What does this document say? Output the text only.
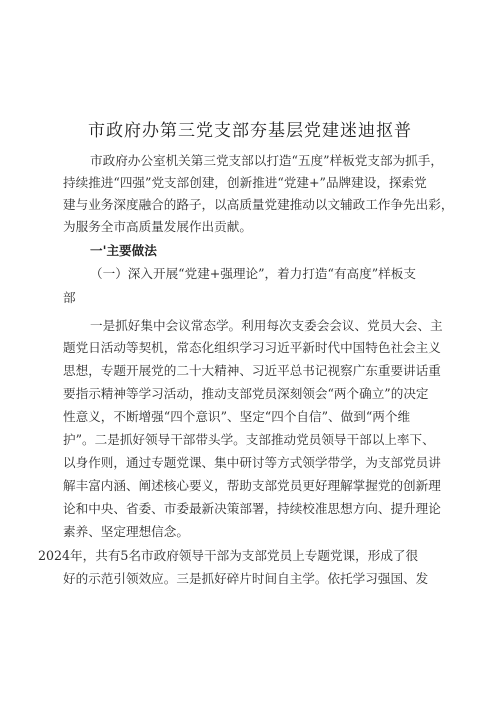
市政府办第三党支部夯基层党建迷迪抠普
市政府办公室机关第三党支部以打造“五度”样板党支部为抓手，
持续推进“四强”党支部创建，创新推进“党建+”品牌建设，探索党
建与业务深度融合的路子，以高质量党建推动以文辅政工作争先出彩，
为服务全市高质量发展作出贡献。
一'主要做法
（一）深入开展“党建+强理论”，着力打造“有高度”样板支
部
一是抓好集中会议常态学。利用每次支委会会议、党员大会、主
题党日活动等契机，常态化组织学习习近平新时代中国特色社会主义
思想，专题开展党的二十大精神、习近平总书记视察广东重要讲话重
要指示精神等学习活动，推动支部党员深刻领会“两个确立”的决定
性意义，不断增强“四个意识”、坚定“四个自信”、做到“两个维
护”。二是抓好领导干部带头学。支部推动党员领导干部以上率下、
以身作则，通过专题党课、集中研讨等方式领学带学，为支部党员讲
解丰富内涵、阐述核心要义，帮助支部党员更好理解掌握党的创新理
论和中央、省委、市委最新决策部署，持续校准思想方向、提升理论
素养、坚定理想信念。
2024年，共有5名市政府领导干部为支部党员上专题党课，形成了很
好的示范引领效应。三是抓好碎片时间自主学。依托学习强国、发
